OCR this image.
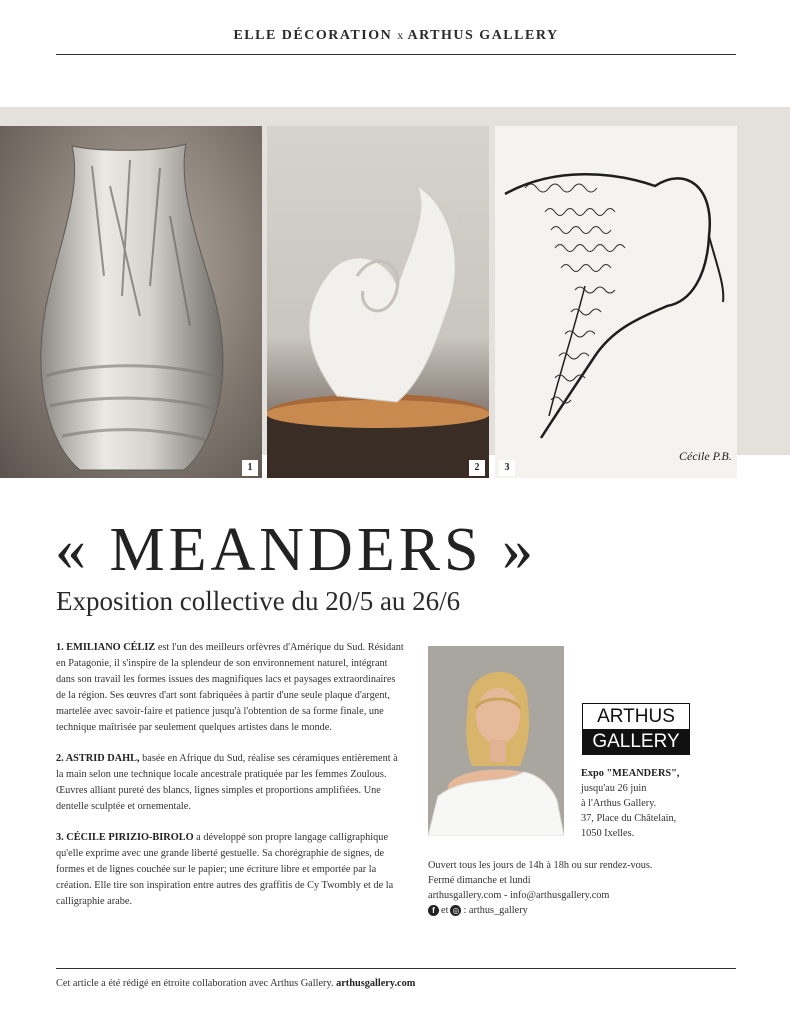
ELLE DÉCORATION x ARTHUS GALLERY
1	2
Cécile P.B.
3
« MEANDERS »
Exposition collective du 20/5 au 26/6

1. EMILIANO CÉLIZ est l'un des meilleurs orfèvres d'Amérique du Sud. Résidant en Patagonie, il s'inspire de la splendeur de son environnement naturel, intégrant dans son travail les formes issues des magnifiques lacs et paysages extraordinaires de la région. Ses œuvres d'art sont fabriquées à partir d'une seule plaque d'argent, martelée avec savoir-faire et patience jusqu'à l'obtention de sa forme finale, une technique maîtrisée par seulement quelques artistes dans le monde.

2. ASTRID DAHL, basée en Afrique du Sud, réalise ses céramiques entièrement à la main selon une technique locale ancestrale pratiquée par les femmes Zoulous. Œuvres alliant pureté des blancs, lignes simples et proportions amplifiées. Une dentelle sculptée et ornementale.

3. CÉCILE PIRIZIO-BIROLO a développé son propre langage calligraphique qu'elle exprime avec une grande liberté gestuelle. Sa chorégraphie de signes, de formes et de lignes couchée sur le papier; une écriture libre et emportée par la création. Elle tire son inspiration entre autres des graffitis de Cy Twombly et de la calligraphie arabe.

ARTHUS
GALLERY
Expo "MEANDERS",
jusqu'au 26 juin
à l'Arthus Gallery.
37, Place du Châtelain,
1050 Ixelles.
Ouvert tous les jours de 14h à 18h ou sur rendez-vous.
Fermé dimanche et lundi
arthusgallery.com - info@arthusgallery.com
f et ◎ : arthus_gallery
Cet article a été rédigé en étroite collaboration avec Arthus Gallery. arthusgallery.com
